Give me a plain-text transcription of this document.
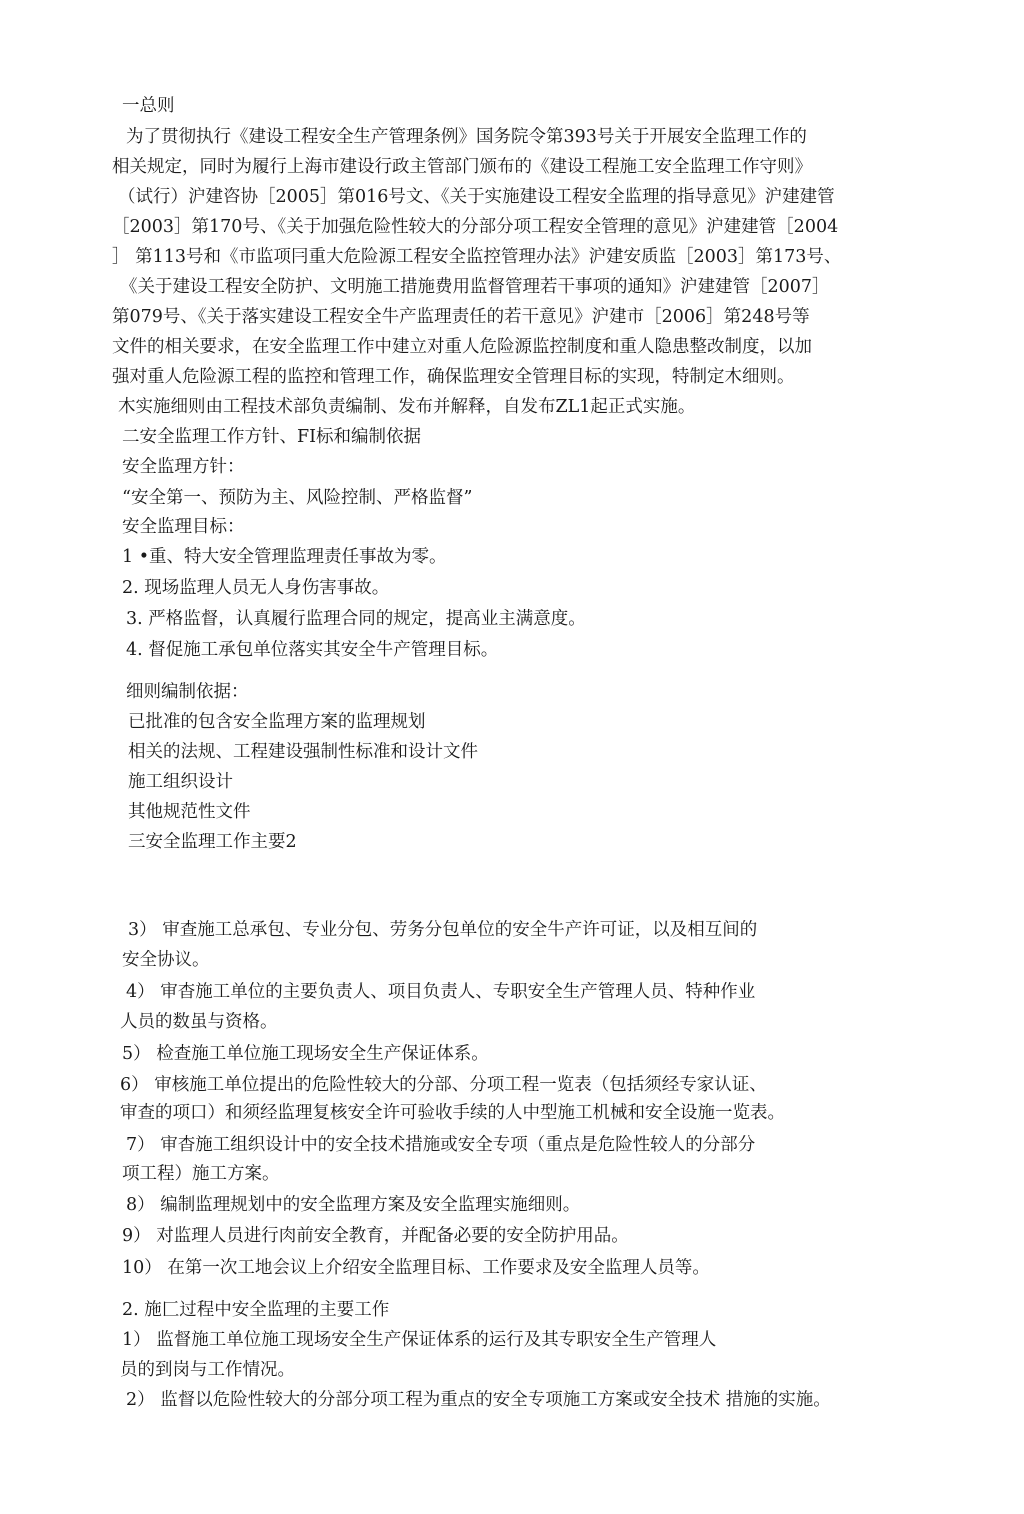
一总则
为了贯彻执行《建设工程安全生产管理条例》国务院令第393号关于开展安全监理工作的
相关规定，同时为履行上海市建设行政主管部门颁布的《建设工程施工安全监理工作守则》
（试行）沪建咨协［2005］第016号文、《关于实施建设工程安全监理的指导意见》沪建建管
［2003］第170号、《关于加强危险性较大的分部分项工程安全管理的意见》沪建建管［2004
］ 第113号和《市监项冃重大危险源工程安全监控管理办法》沪建安质监［2003］第173号、
《关于建设工程安全防护、文明施工措施费用监督管理若干事项的通知》沪建建管［2007］
第079号、《关于落实建设工程安全牛产监理责任的若干意见》沪建市［2006］第248号等
文件的相关要求，在安全监理工作中建立对重人危险源监控制度和重人隐患整改制度，以加
强对重人危险源工程的监控和管理工作，确保监理安全管理目标的实现，特制定木细则。
木实施细则由工程技术部负责编制、发布并解释，自发布ZL1起正式实施。
二安全监理工作方针、FI标和编制依据
安全监理方针：
“安全第一、预防为主、风险控制、严格监督”
安全监理目标：
1 •重、特大安全管理监理责任事故为零。
2. 现场监理人员无人身伤害事故。
3. 严格监督，认真履行监理合同的规定，提高业主满意度。
4. 督促施工承包单位落实其安全牛产管理目标。
细则编制依据：
已批准的包含安全监理方案的监理规划
相关的法规、工程建设强制性标准和设计文件
施工组织设计
其他规范性文件
三安全监理工作主要2
3） 审查施工总承包、专业分包、劳务分包单位的安全牛产许可证，以及相互间的
安全协议。
4） 审杳施工单位的主要负责人、项目负责人、专职安全生产管理人员、特种作业
人员的数虽与资格。
5） 检查施工单位施工现场安全生产保证体系。
6） 审核施工单位提出的危险性较大的分部、分项工程一览表（包括须经专家认证、
审查的项口）和须经监理复核安全许可验收手续的人中型施工机械和安全设施一览表。
7） 审杳施工组织设计中的安全技术措施或安全专项（重点是危险性较人的分部分
项工程）施工方案。
8） 编制监理规划中的安全监理方案及安全监理实施细则。
9） 对监理人员进行肉前安全教育，并配备必要的安全防护用品。
10） 在第一次工地会议上介绍安全监理目标、工作要求及安全监理人员等。
2. 施匚过程中安全监理的主要工作
1） 监督施工单位施工现场安全生产保证体系的运行及其专职安全生产管理人
员的到岗与工作情况。
2） 监督以危险性较大的分部分项工程为重点的安全专项施工方案或安全技术 措施的实施。
